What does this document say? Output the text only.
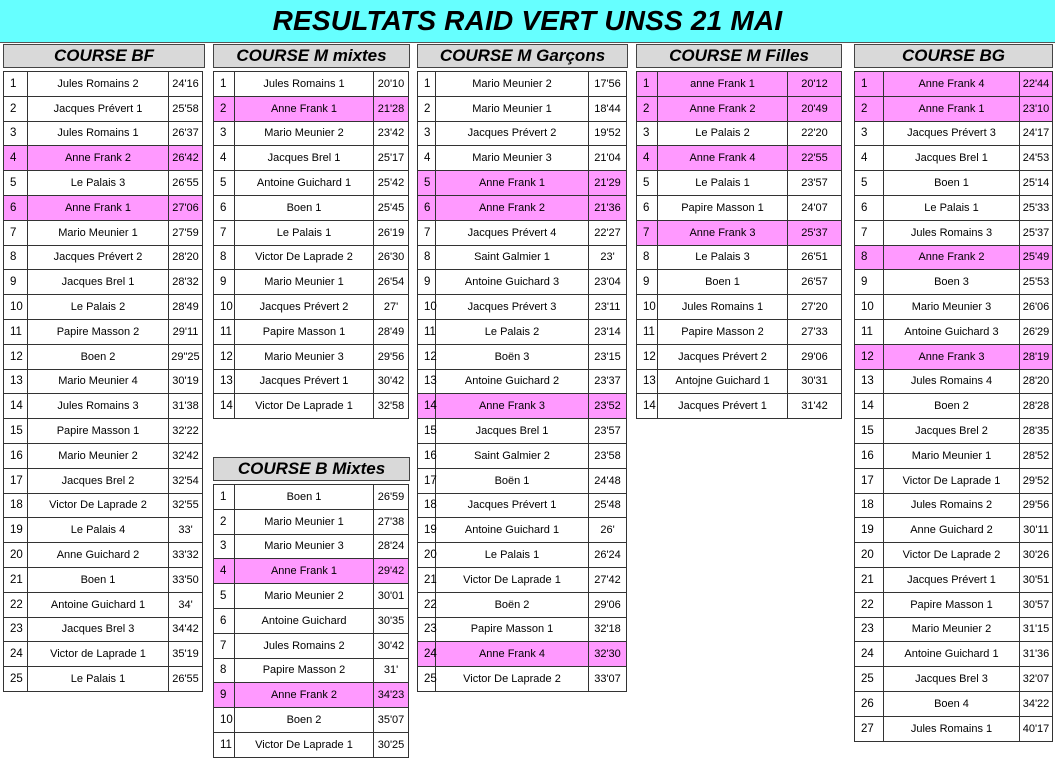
RESULTATS RAID VERT UNSS 21 MAI
COURSE BF
1	Jules Romains 2	24'16
2	Jacques Prévert 1	25'58
3	Jules Romains 1	26'37
4	Anne Frank 2	26'42
5	Le Palais 3	26'55
6	Anne Frank 1	27'06
7	Mario Meunier 1	27'59
8	Jacques Prévert 2	28'20
9	Jacques Brel 1	28'32
10	Le Palais 2	28'49
11	Papire Masson 2	29'11
12	Boen 2	29"25
13	Mario Meunier 4	30'19
14	Jules Romains 3	31'38
15	Papire Masson 1	32'22
16	Mario Meunier 2	32'42
17	Jacques Brel 2	32'54
18	Victor De Laprade 2	32'55
19	Le Palais 4	33'
20	Anne Guichard 2	33'32
21	Boen 1	33'50
22	Antoine Guichard 1	34'
23	Jacques Brel 3	34'42
24	Victor de Laprade 1	35'19
25	Le Palais 1	26'55
COURSE M mixtes
1	Jules Romains 1	20'10
2	Anne Frank 1	21'28
3	Mario Meunier 2	23'42
4	Jacques Brel 1	25'17
5	Antoine Guichard 1	25'42
6	Boen 1	25'45
7	Le Palais 1	26'19
8	Victor De Laprade 2	26'30
9	Mario Meunier 1	26'54
10	Jacques Prévert 2	27'
11	Papire Masson 1	28'49
12	Mario Meunier 3	29'56
13	Jacques Prévert 1	30'42
14	Victor De Laprade 1	32'58
COURSE B Mixtes
1	Boen 1	26'59
2	Mario Meunier 1	27'38
3	Mario Meunier 3	28'24
4	Anne Frank 1	29'42
5	Mario Meunier 2	30'01
6	Antoine Guichard	30'35
7	Jules Romains 2	30'42
8	Papire Masson 2	31'
9	Anne Frank 2	34'23
10	Boen 2	35'07
11	Victor De Laprade 1	30'25
COURSE M Garçons
1	Mario Meunier 2	17'56
2	Mario Meunier 1	18'44
3	Jacques Prévert 2	19'52
4	Mario Meunier 3	21'04
5	Anne Frank 1	21'29
6	Anne Frank 2	21'36
7	Jacques Prévert 4	22'27
8	Saint Galmier 1	23'
9	Antoine Guichard 3	23'04
10	Jacques Prévert 3	23'11
11	Le Palais 2	23'14
12	Boën 3	23'15
13	Antoine Guichard 2	23'37
14	Anne Frank 3	23'52
15	Jacques Brel 1	23'57
16	Saint Galmier 2	23'58
17	Boën 1	24'48
18	Jacques Prévert 1	25'48
19	Antoine Guichard 1	26'
20	Le Palais 1	26'24
21	Victor De Laprade 1	27'42
22	Boën 2	29'06
23	Papire Masson 1	32'18
24	Anne Frank 4	32'30
25	Victor De Laprade 2	33'07
COURSE M Filles
1	anne Frank 1	20'12
2	Anne Frank 2	20'49
3	Le Palais 2	22'20
4	Anne Frank 4	22'55
5	Le Palais 1	23'57
6	Papire Masson 1	24'07
7	Anne Frank 3	25'37
8	Le Palais 3	26'51
9	Boen 1	26'57
10	Jules Romains 1	27'20
11	Papire Masson 2	27'33
12	Jacques Prévert 2	29'06
13	Antojne Guichard 1	30'31
14	Jacques Prévert 1	31'42
COURSE BG
1	Anne Frank 4	22'44
2	Anne Frank 1	23'10
3	Jacques Prévert 3	24'17
4	Jacques Brel 1	24'53
5	Boen 1	25'14
6	Le Palais 1	25'33
7	Jules Romains 3	25'37
8	Anne Frank 2	25'49
9	Boen 3	25'53
10	Mario Meunier 3	26'06
11	Antoine Guichard 3	26'29
12	Anne Frank 3	28'19
13	Jules Romains 4	28'20
14	Boen 2	28'28
15	Jacques Brel 2	28'35
16	Mario Meunier 1	28'52
17	Victor De Laprade 1	29'52
18	Jules Romains 2	29'56
19	Anne Guichard 2	30'11
20	Victor De Laprade 2	30'26
21	Jacques Prévert 1	30'51
22	Papire Masson 1	30'57
23	Mario Meunier 2	31'15
24	Antoine Guichard 1	31'36
25	Jacques Brel 3	32'07
26	Boen 4	34'22
27	Jules Romains 1	40'17
